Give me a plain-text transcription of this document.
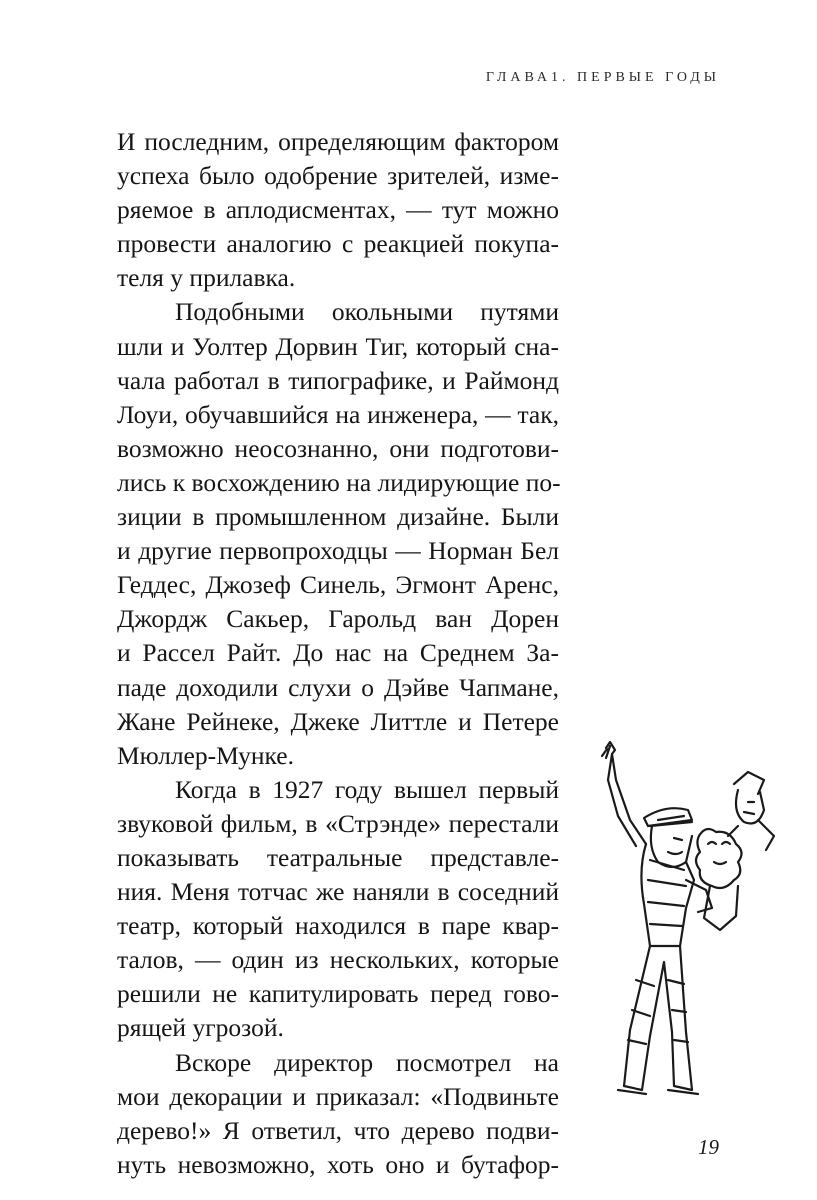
ГЛАВА1. ПЕРВЫЕ ГОДЫ
И последним, определяющим фактором
успеха было одобрение зрителей, изме-
ряемое в аплодисментах, — тут можно
провести аналогию с реакцией покупа-
теля у прилавка.
Подобными окольными путями
шли и Уолтер Дорвин Тиг, который сна-
чала работал в типографике, и Раймонд
Лоуи, обучавшийся на инженера, — так,
возможно неосознанно, они подготови-
лись к восхождению на лидирующие по-
зиции в промышленном дизайне. Были
и другие первопроходцы — Норман Бел
Геддес, Джозеф Синель, Эгмонт Аренс,
Джордж Сакьер, Гарольд ван Дорен
и Рассел Райт. До нас на Среднем За-
паде доходили слухи о Дэйве Чапмане,
Жане Рейнеке, Джеке Литтле и Петере
Мюллер-Мунке.
Когда в 1927 году вышел первый
звуковой фильм, в «Стрэнде» перестали
показывать театральные представле-
ния. Меня тотчас же наняли в соседний
театр, который находился в паре квар-
талов, — один из нескольких, которые
решили не капитулировать перед гово-
рящей угрозой.
Вскоре директор посмотрел на
мои декорации и приказал: «Подвиньте
дерево!» Я ответил, что дерево подви-
нуть невозможно, хоть оно и бутафор-
19
